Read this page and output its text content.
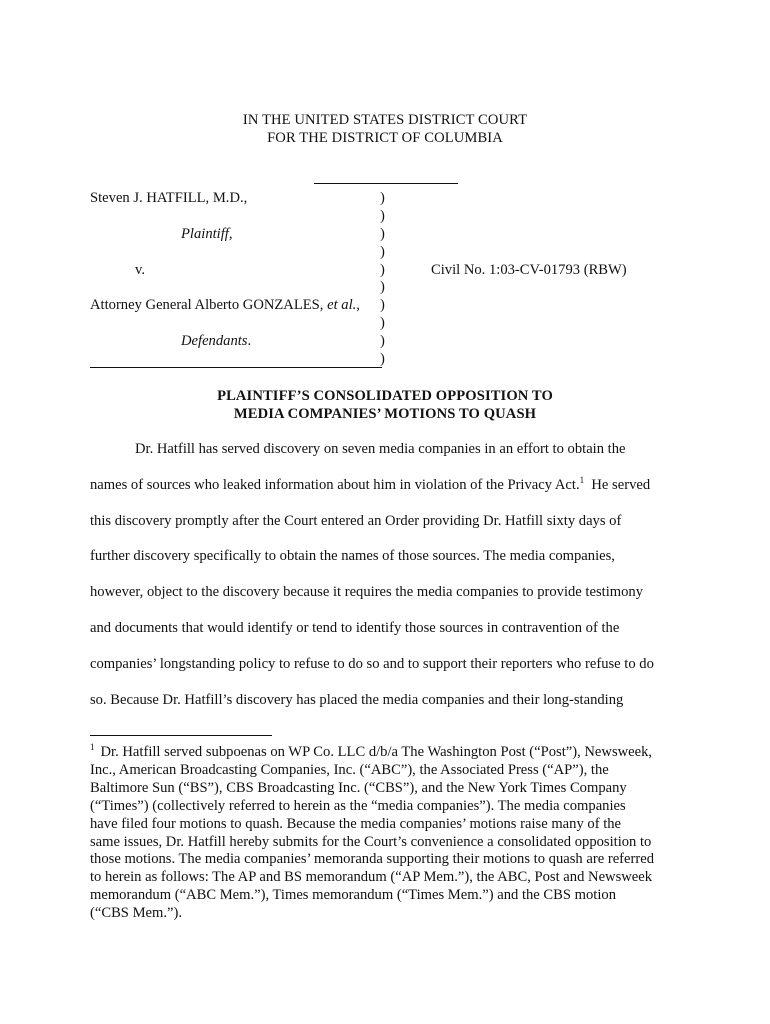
IN THE UNITED STATES DISTRICT COURT
FOR THE DISTRICT OF COLUMBIA
Steven J. HATFILL, M.D.,	)
)
Plaintiff,	)
)
v.	)	Civil No. 1:03-CV-01793 (RBW)
)
Attorney General Alberto GONZALES, et al., )
)
Defendants.	)
)
PLAINTIFF’S CONSOLIDATED OPPOSITION TO
MEDIA COMPANIES’ MOTIONS TO QUASH
Dr. Hatfill has served discovery on seven media companies in an effort to obtain the
names of sources who leaked information about him in violation of the Privacy Act.$^1$  He served
this discovery promptly after the Court entered an Order providing Dr. Hatfill sixty days of
further discovery specifically to obtain the names of those sources. The media companies,
however, object to the discovery because it requires the media companies to provide testimony
and documents that would identify or tend to identify those sources in contravention of the
companies’ longstanding policy to refuse to do so and to support their reporters who refuse to do
so. Because Dr. Hatfill’s discovery has placed the media companies and their long-standing
$^1$ Dr. Hatfill served subpoenas on WP Co. LLC d/b/a The Washington Post (“Post”), Newsweek,
Inc., American Broadcasting Companies, Inc. (“ABC”), the Associated Press (“AP”), the
Baltimore Sun (“BS”), CBS Broadcasting Inc. (“CBS”), and the New York Times Company
(“Times”) (collectively referred to herein as the “media companies”). The media companies
have filed four motions to quash. Because the media companies’ motions raise many of the
same issues, Dr. Hatfill hereby submits for the Court’s convenience a consolidated opposition to
those motions. The media companies’ memoranda supporting their motions to quash are referred
to herein as follows: The AP and BS memorandum (“AP Mem.”), the ABC, Post and Newsweek
memorandum (“ABC Mem.”), Times memorandum (“Times Mem.”) and the CBS motion
(“CBS Mem.”).
